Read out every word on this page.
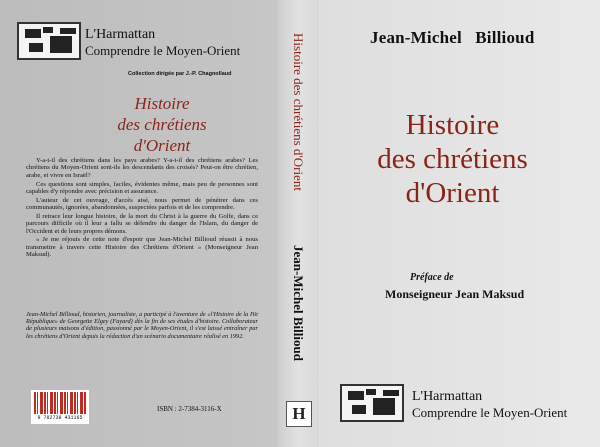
L'Harmattan
Comprendre le Moyen-Orient
Collection dirigée par J.-P. Chagnollaud
Histoire
des chrétiens d'Orient

Y-a-t-il des chrétiens dans les pays arabes? Y-a-t-il des chrétiens arabes? Les chrétiens du Moyen-Orient sont-ils les descendants des croisés? Peut-on être chrétien, arabe, et vivre en Israël?

Ces questions sont simples, faciles, évidentes même, mais peu de personnes sont capables d'y répondre avec précision et assurance.

L'auteur de cet ouvrage, d'accès aisé, nous permet de pénétrer dans ces communautés, ignorées, abandonnées, suspectées parfois et de les comprendre.

Il retrace leur longue histoire, de la mort du Christ à la guerre du Golfe, dans ce parcours difficile où il leur a fallu se défendre du danger de l'Islam, du danger de l'Occident et de leurs propres démons.

« Je me réjouis de cette note d'espoir que Jean-Michel Billioud réussit à nous transmettre à travers cette Histoire des Chrétiens d'Orient » (Monseigneur Jean Maksud).

Jean-Michel Billioud, historien, journaliste, a participé à l'aventure de «l'Histoire de la IVe République» de Georgette Elgey (Fayard) dès la fin de ses études d'histoire. Collaborateur de plusieurs maisons d'édition, passionné par le Moyen-Orient, il s'est laissé entraîner par les chrétiens d'Orient depuis la rédaction d'un scénario documentaire réalisé en 1992.
9 782738 431165
ISBN : 2-7384-3116-X
Histoire des chrétiens d'Orient
Jean-Michel Billioud
H
Jean-Michel   Billioud
Histoire
des chrétiens
d'Orient
Préface de
Monseigneur Jean Maksud
L'Harmattan
Comprendre le Moyen-Orient
